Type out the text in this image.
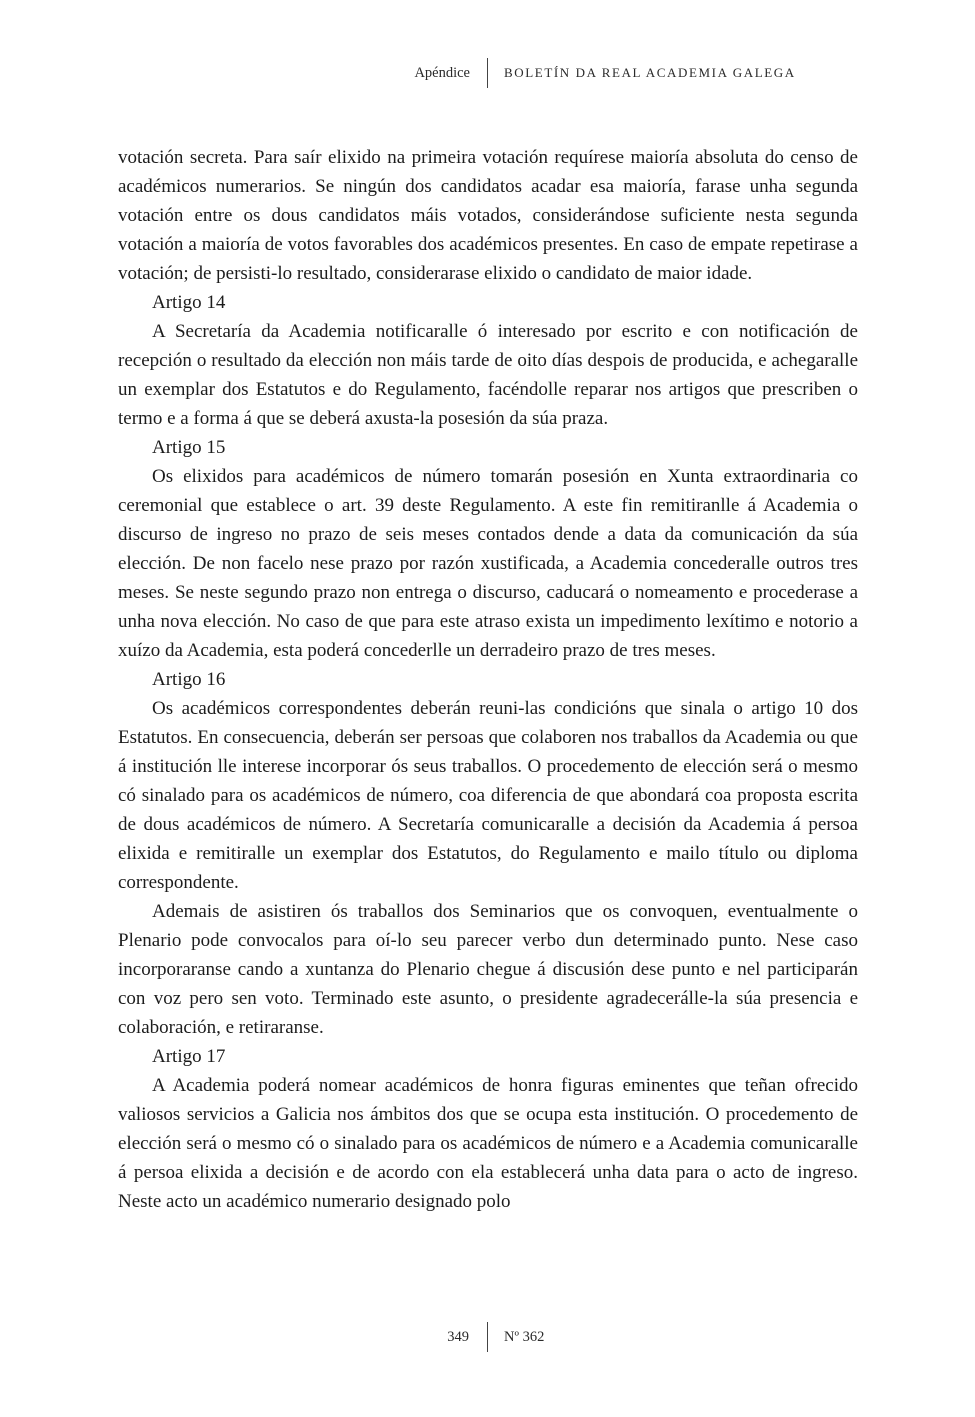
Apéndice	BOLETÍN DA REAL ACADEMIA GALEGA

votación secreta. Para saír elixido na primeira votación requírese maioría absoluta do censo de académicos numerarios. Se ningún dos candidatos acadar esa maioría, farase unha segunda votación entre os dous candidatos máis votados, considerándose suficiente nesta segunda votación a maioría de votos favorables dos académicos presentes. En caso de empate repetirase a votación; de persisti-lo resultado, considerarase elixido o candidato de maior idade.

Artigo 14

A Secretaría da Academia notificaralle ó interesado por escrito e con notificación de recepción o resultado da elección non máis tarde de oito días despois de producida, e achegaralle un exemplar dos Estatutos e do Regulamento, facéndolle reparar nos artigos que prescriben o termo e a forma á que se deberá axusta-la posesión da súa praza.

Artigo 15

Os elixidos para académicos de número tomarán posesión en Xunta extraordinaria co ceremonial que establece o art. 39 deste Regulamento. A este fin remitiranlle á Academia o discurso de ingreso no prazo de seis meses contados dende a data da comunicación da súa elección. De non facelo nese prazo por razón xustificada, a Academia concederalle outros tres meses. Se neste segundo prazo non entrega o discurso, caducará o nomeamento e procederase a unha nova elección. No caso de que para este atraso exista un impedimento lexítimo e notorio a xuízo da Academia, esta poderá concederlle un derradeiro prazo de tres meses.

Artigo 16

Os académicos correspondentes deberán reuni-las condicións que sinala o artigo 10 dos Estatutos. En consecuencia, deberán ser persoas que colaboren nos traballos da Academia ou que á institución lle interese incorporar ós seus traballos. O procedemento de elección será o mesmo có sinalado para os académicos de número, coa diferencia de que abondará coa proposta escrita de dous académicos de número. A Secretaría comunicaralle a decisión da Academia á persoa elixida e remitiralle un exemplar dos Estatutos, do Regulamento e mailo título ou diploma correspondente.

Ademais de asistiren ós traballos dos Seminarios que os convoquen, eventualmente o Plenario pode convocalos para oí-lo seu parecer verbo dun determinado punto. Nese caso incorporaranse cando a xuntanza do Plenario chegue á discusión dese punto e nel participarán con voz pero sen voto. Terminado este asunto, o presidente agradecerálle-la súa presencia e colaboración, e retiraranse.

Artigo 17

A Academia poderá nomear académicos de honra figuras eminentes que teñan ofrecido valiosos servicios a Galicia nos ámbitos dos que se ocupa esta institución. O procedemento de elección será o mesmo có o sinalado para os académicos de número e a Academia comunicaralle á persoa elixida a decisión e de acordo con ela establecerá unha data para o acto de ingreso. Neste acto un académico numerario designado polo

349	Nº 362
